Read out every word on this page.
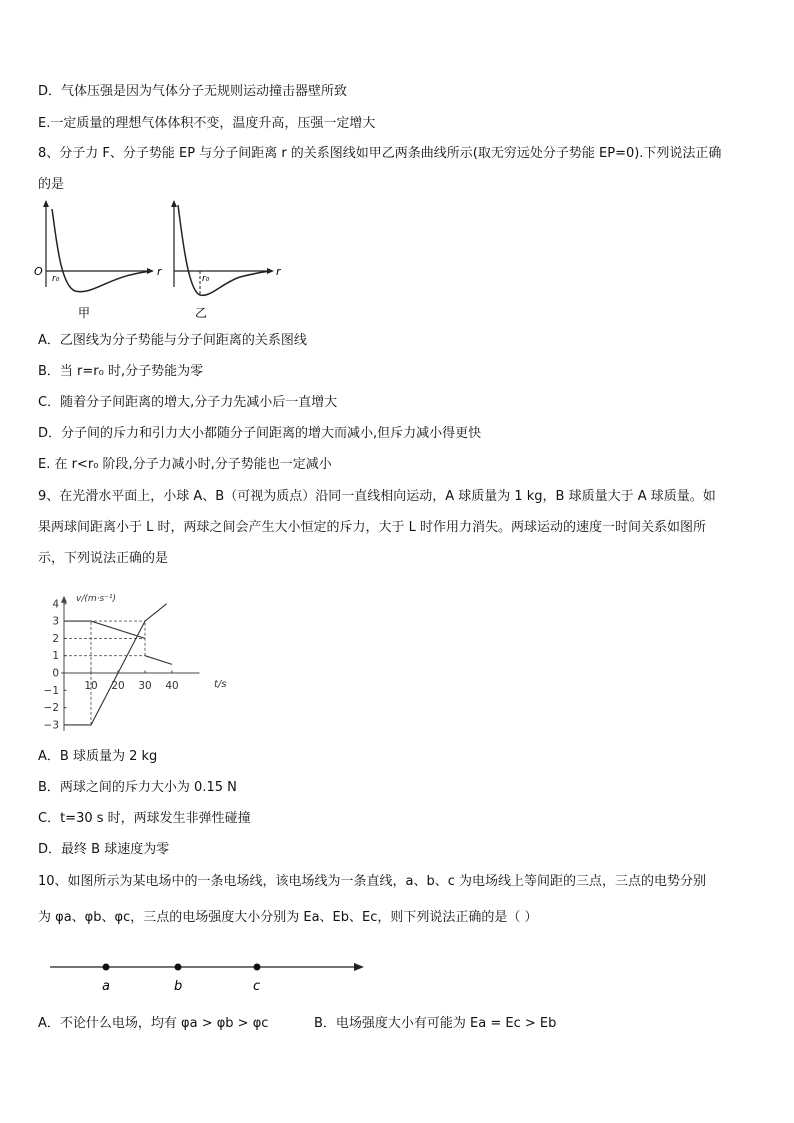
D．气体压强是因为气体分子无规则运动撞击器壁所致
E.一定质量的理想气体体积不变，温度升高，压强一定增大
8、分子力 F、分子势能 EP 与分子间距离 r 的关系图线如甲乙两条曲线所示(取无穷远处分子势能 EP=0).下列说法正确
的是
O
r₀
r
甲
r₀
r
乙
A．乙图线为分子势能与分子间距离的关系图线
B．当 r=r₀ 时,分子势能为零
C．随着分子间距离的增大,分子力先减小后一直增大
D．分子间的斥力和引力大小都随分子间距离的增大而减小,但斥力减小得更快
E. 在 r<r₀ 阶段,分子力减小时,分子势能也一定减小
9、在光滑水平面上，小球 A、B（可视为质点）沿同一直线相向运动，A 球质量为 1 kg，B 球质量大于 A 球质量。如
果两球间距离小于 L 时，两球之间会产生大小恒定的斥力，大于 L 时作用力消失。两球运动的速度一时间关系如图所
示，下列说法正确的是
4
3
2
1
0
−1
−2
−3
10 20 30 40
v/(m·s⁻¹)
t/s
A．B 球质量为 2 kg
B．两球之间的斥力大小为 0.15 N
C．t=30 s 时，两球发生非弹性碰撞
D．最终 B 球速度为零
10、如图所示为某电场中的一条电场线，该电场线为一条直线，a、b、c 为电场线上等间距的三点，三点的电势分别
为 φa、φb、φc，三点的电场强度大小分别为 Ea、Eb、Ec，则下列说法正确的是（ ）
a	b	c
A．不论什么电场，均有 φa > φb > φc	B．电场强度大小有可能为 Ea = Ec > Eb
